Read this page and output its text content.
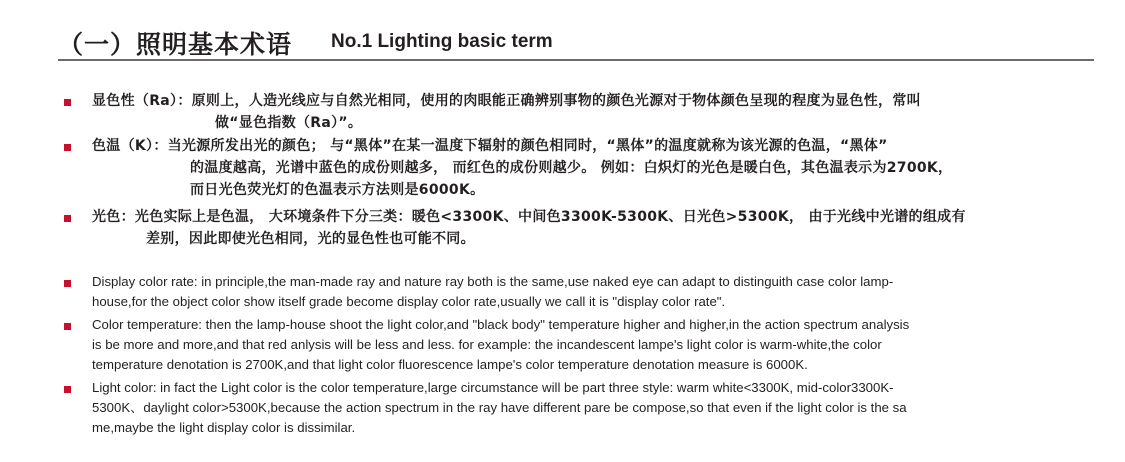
（一）照明基本术语 No.1 Lighting basic term
显色性（Ra）：原则上，人造光线应与自然光相同，使用的肉眼能正确辨别事物的颜色光源对于物体颜色呈现的程度为显色性，常叫
做“显色指数（Ra）”。
色温（K）：当光源所发出光的颜色； 与“黑体”在某一温度下辐射的颜色相同时，“黑体”的温度就称为该光源的色温，“黑体”
的温度越高，光谱中蓝色的成份则越多， 而红色的成份则越少。 例如：白炽灯的光色是暖白色，其色温表示为2700K，
而日光色荧光灯的色温表示方法则是6000K。
光色：光色实际上是色温， 大环境条件下分三类：暖色<3300K、中间色3300K-5300K、日光色>5300K， 由于光线中光谱的组成有
差别，因此即使光色相同，光的显色性也可能不同。
Display color rate: in principle,the man-made ray and nature ray both is the same,use naked eye can adapt to distinguith case color lamp-
house,for the object color show itself grade become display color rate,usually we call it is "display color rate".
Color temperature: then the lamp-house shoot the light color,and "black body" temperature higher and higher,in the action spectrum analysis
is be more and more,and that red anlysis will be less and less. for example: the incandescent lampe's light color is warm-white,the color
temperature denotation is 2700K,and that light color fluorescence lampe's color temperature denotation measure is 6000K.
Light color: in fact the Light color is the color temperature,large circumstance will be part three style: warm white<3300K, mid-color3300K-
5300K、daylight color>5300K,because the action spectrum in the ray have different pare be compose,so that even if the light color is the sa
me,maybe the light display color is dissimilar.
